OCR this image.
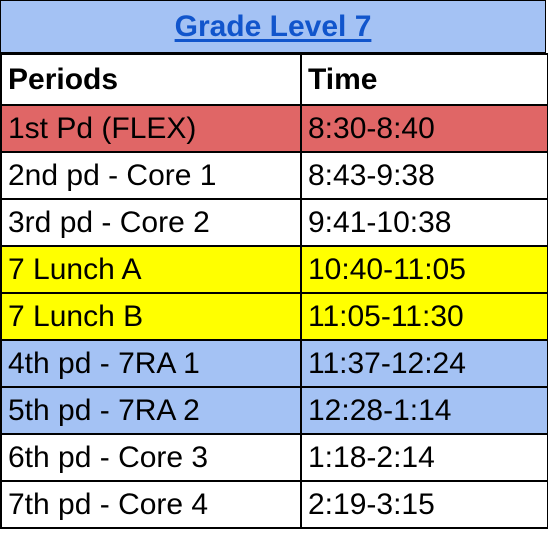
Grade Level 7
Periods	Time
1st Pd (FLEX)	8:30-8:40
2nd pd - Core 1	8:43-9:38
3rd pd - Core 2	9:41-10:38
7 Lunch A	10:40-11:05
7 Lunch B	11:05-11:30
4th pd - 7RA 1	11:37-12:24
5th pd - 7RA 2	12:28-1:14
6th pd - Core 3	1:18-2:14
7th pd - Core 4	2:19-3:15
